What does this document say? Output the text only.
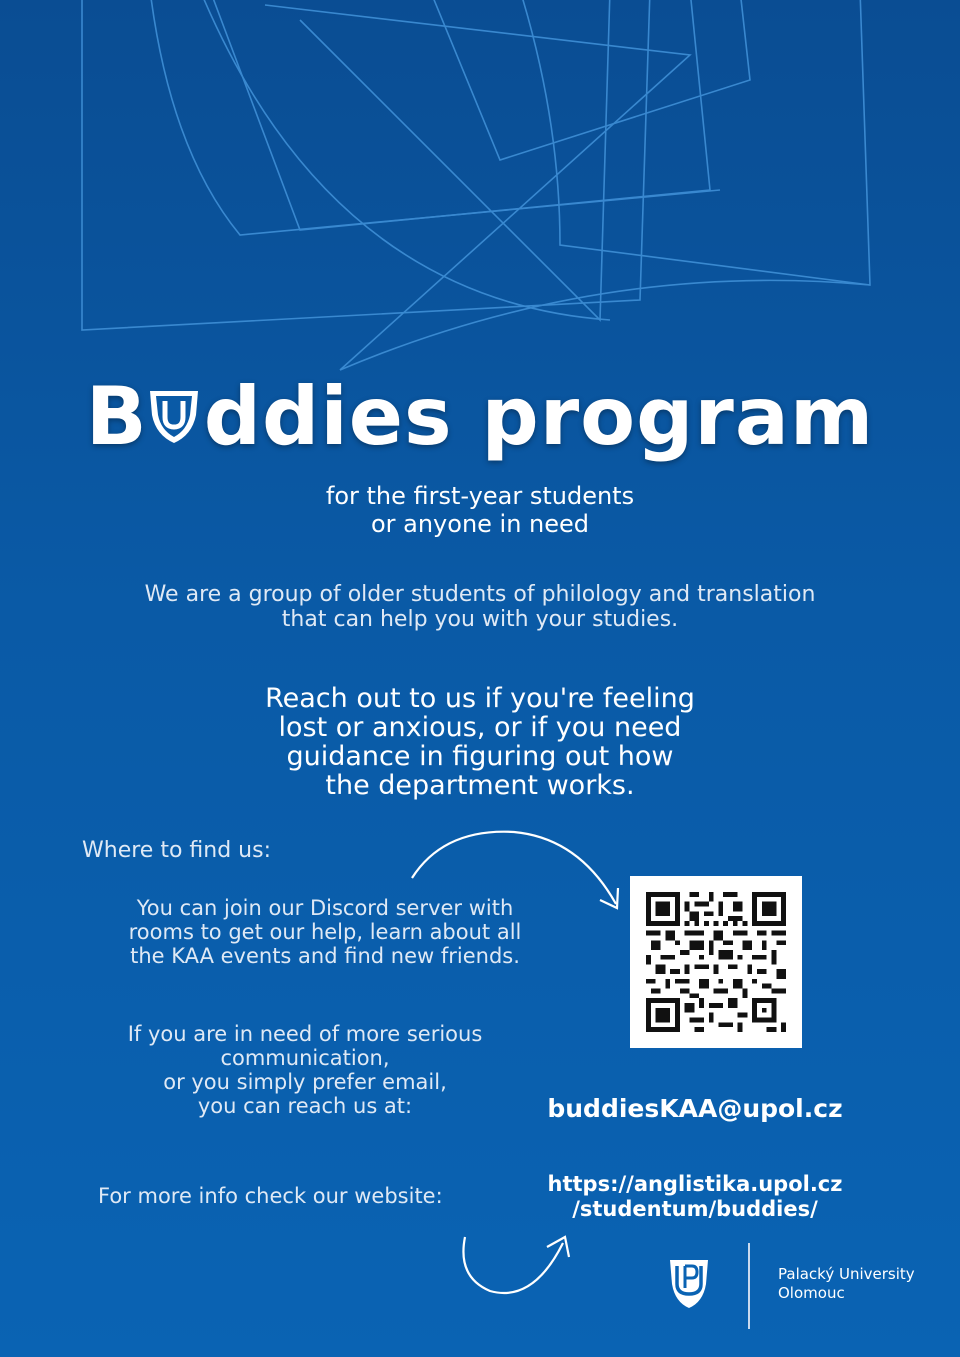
B ddies program
for the first-year students
or anyone in need
We are a group of older students of philology and translation
that can help you with your studies.
Reach out to us if you're feeling
lost or anxious, or if you need
guidance in figuring out how
the department works.
Where to find us:
You can join our Discord server with
rooms to get our help, learn about all
the KAA events and find new friends.
If you are in need of more serious
communication,
or you simply prefer email,
you can reach us at:	buddiesKAA@upol.cz
For more info check our website:	https://anglistika.upol.cz
/studentum/buddies/
Palacký University
Olomouc
